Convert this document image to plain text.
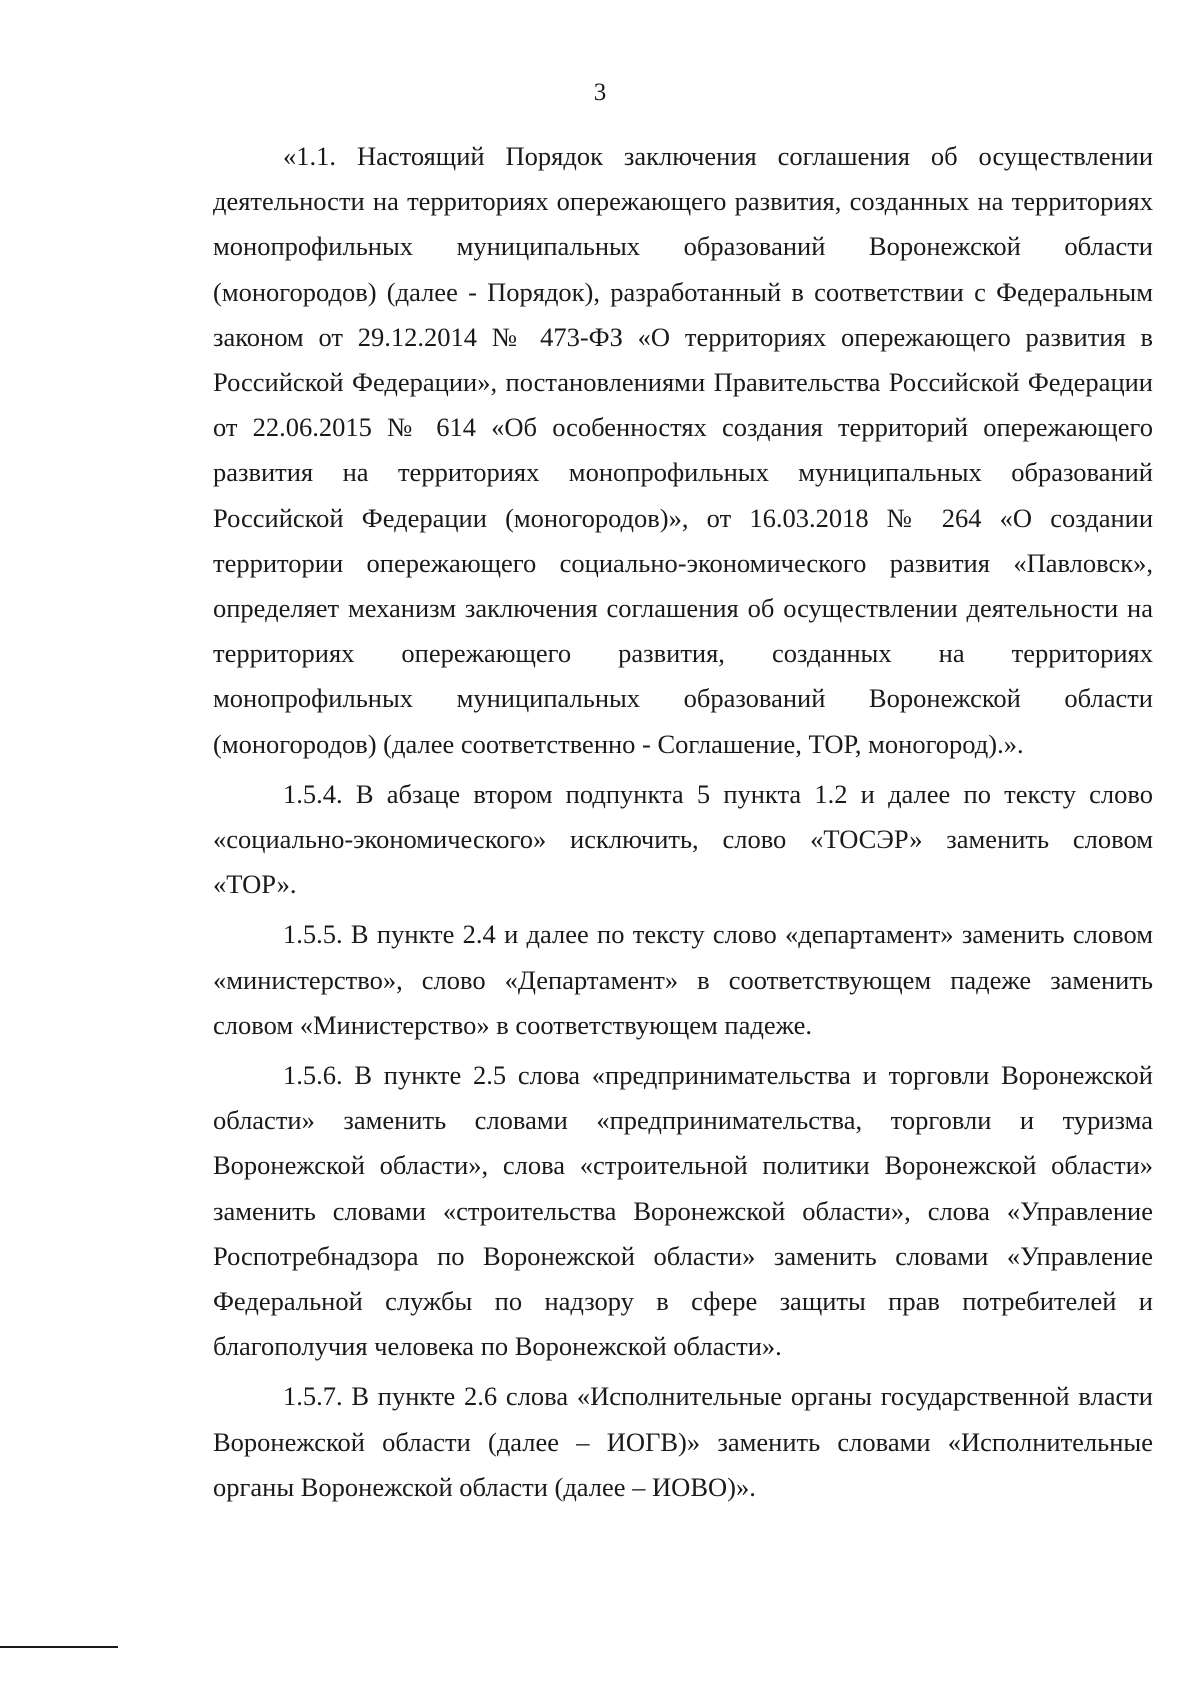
3

«1.1. Настоящий Порядок заключения соглашения об осуществлении деятельности на территориях опережающего развития, созданных на территориях монопрофильных муниципальных образований Воронежской области (моногородов) (далее - Порядок), разработанный в соответствии с Федеральным законом от 29.12.2014 № 473-ФЗ «О территориях опережающего развития в Российской Федерации», постановлениями Правительства Российской Федерации от 22.06.2015 № 614 «Об особенностях создания территорий опережающего развития на территориях монопрофильных муниципальных образований Российской Федерации (моногородов)», от 16.03.2018 № 264 «О создании территории опережающего социально-экономического развития «Павловск», определяет механизм заключения соглашения об осуществлении деятельности на территориях опережающего развития, созданных на территориях монопрофильных муниципальных образований Воронежской области (моногородов) (далее соответственно - Соглашение, ТОР, моногород).».

1.5.4. В абзаце втором подпункта 5 пункта 1.2 и далее по тексту слово «социально-экономического» исключить, слово «ТОСЭР» заменить словом «ТОР».

1.5.5. В пункте 2.4 и далее по тексту слово «департамент» заменить словом «министерство», слово «Департамент» в соответствующем падеже заменить словом «Министерство» в соответствующем падеже.

1.5.6. В пункте 2.5 слова «предпринимательства и торговли Воронежской области» заменить словами «предпринимательства, торговли и туризма Воронежской области», слова «строительной политики Воронежской области» заменить словами «строительства Воронежской области», слова «Управление Роспотребнадзора по Воронежской области» заменить словами «Управление Федеральной службы по надзору в сфере защиты прав потребителей и благополучия человека по Воронежской области».

1.5.7. В пункте 2.6 слова «Исполнительные органы государственной власти Воронежской области (далее – ИОГВ)» заменить словами «Исполнительные органы Воронежской области (далее – ИОВО)».
